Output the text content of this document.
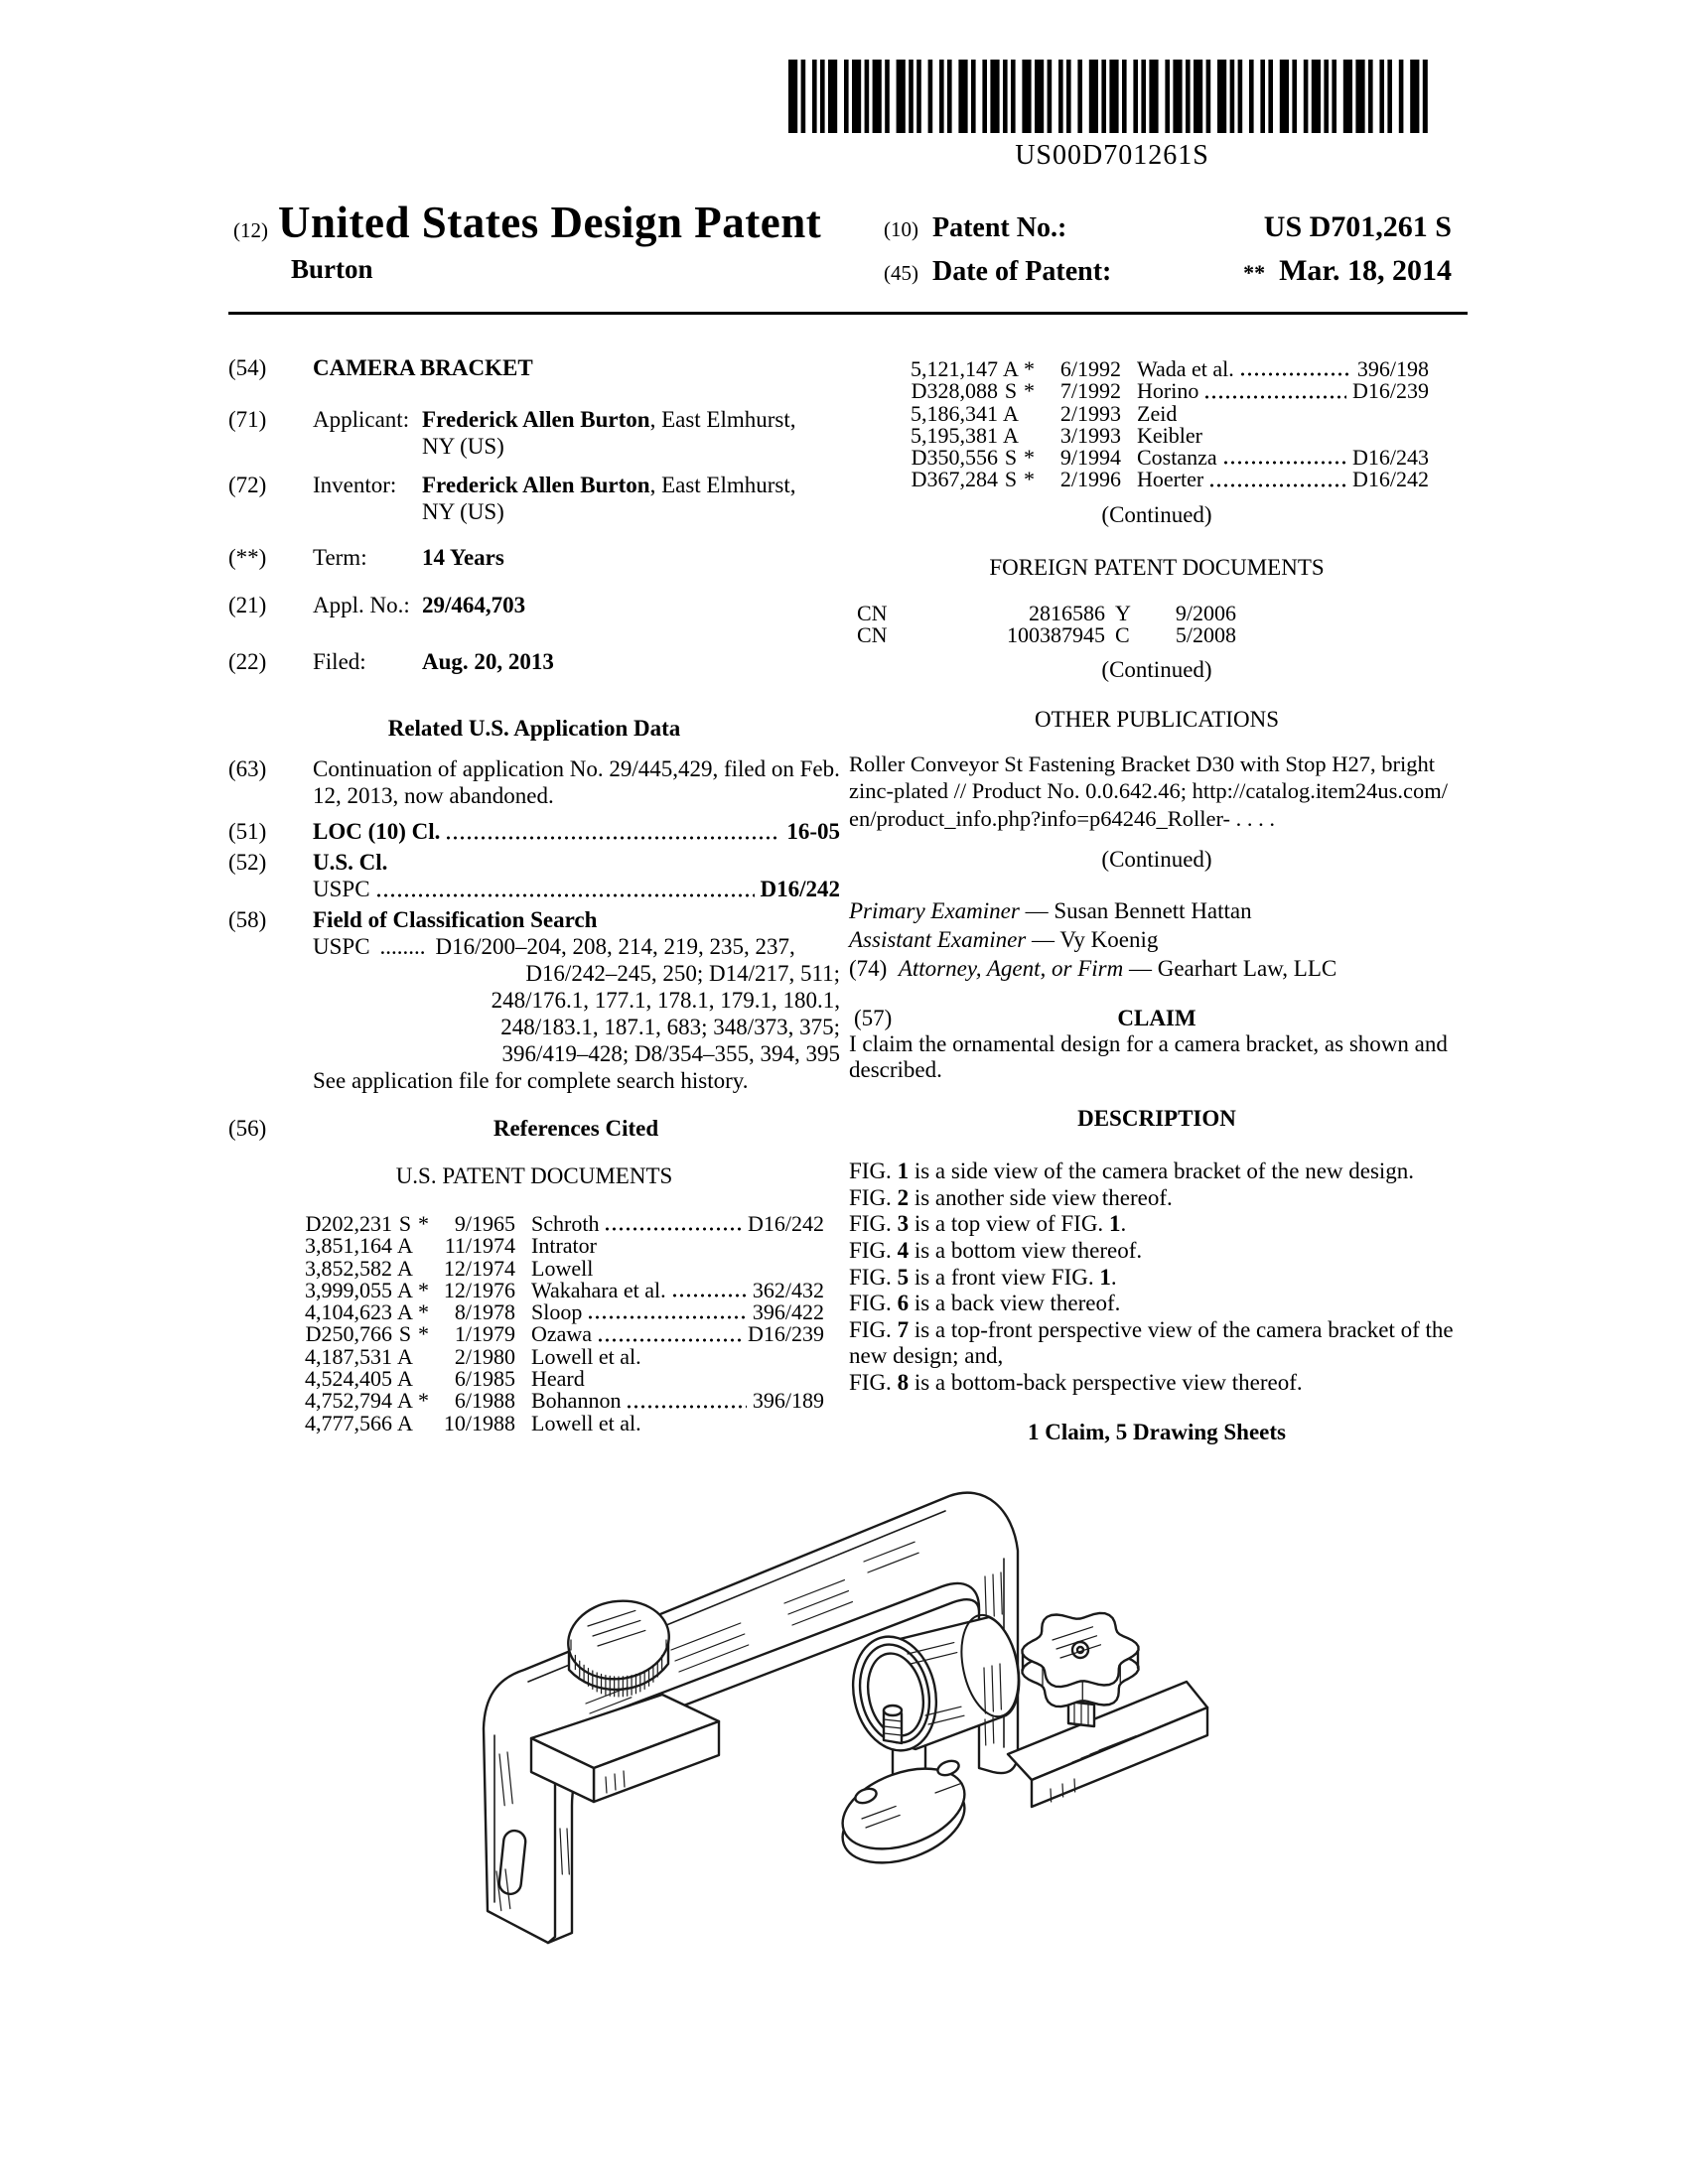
US00D701261S
(12) United States Design Patent
Burton
(10) Patent No.:	US D701,261 S
(45) Date of Patent:	** Mar. 18, 2014
(54) CAMERA BRACKET
(71) Applicant: Frederick Allen Burton, East Elmhurst,
NY (US)
(72) Inventor: Frederick Allen Burton, East Elmhurst,
NY (US)
(**) Term: 14 Years
(21) Appl. No.: 29/464,703
(22) Filed: Aug. 20, 2013
Related U.S. Application Data
(63) Continuation of application No. 29/445,429, filed on Feb. 12, 2013, now abandoned.
(51) LOC (10) Cl.	16-05
(52) U.S. Cl.
USPC	D16/242
(58) Field of Classification Search
USPC ........ D16/200–204, 208, 214, 219, 235, 237,
D16/242–245, 250; D14/217, 511;
248/176.1, 177.1, 178.1, 179.1, 180.1,
248/183.1, 187.1, 683; 348/373, 375;
396/419–428; D8/354–355, 394, 395
See application file for complete search history.
(56)	References Cited
U.S. PATENT DOCUMENTS
D202,231 S *	9/1965 Schroth	D16/242
3,851,164 A 11/1974 Intrator
3,852,582 A 12/1974 Lowell
3,999,055 A * 12/1976 Wakahara et al.	362/432
4,104,623 A *	8/1978 Sloop	396/422
D250,766 S *	1/1979 Ozawa	D16/239
4,187,531 A	2/1980 Lowell et al.
4,524,405 A	6/1985 Heard
4,752,794 A *	6/1988 Bohannon	396/189
4,777,566 A 10/1988 Lowell et al.
5,121,147 A *	6/1992 Wada et al.	396/198
D328,088 S *	7/1992 Horino	D16/239
5,186,341 A	2/1993 Zeid
5,195,381 A	3/1993 Keibler
D350,556 S *	9/1994 Costanza	D16/243
D367,284 S *	2/1996 Hoerter	D16/242
(Continued)
FOREIGN PATENT DOCUMENTS
CN	2816586 Y	9/2006
CN	100387945 C	5/2008
(Continued)
OTHER PUBLICATIONS
Roller Conveyor St Fastening Bracket D30 with Stop H27, bright
zinc-plated // Product No. 0.0.642.46; http://catalog.item24us.com/
en/product_info.php?info=p64246_Roller- . . . .
(Continued)
Primary Examiner — Susan Bennett Hattan
Assistant Examiner — Vy Koenig
(74) Attorney, Agent, or Firm — Gearhart Law, LLC
(57)	CLAIM
I claim the ornamental design for a camera bracket, as shown and described.
DESCRIPTION
FIG. 1 is a side view of the camera bracket of the new design.
FIG. 2 is another side view thereof.
FIG. 3 is a top view of FIG. 1.
FIG. 4 is a bottom view thereof.
FIG. 5 is a front view FIG. 1.
FIG. 6 is a back view thereof.
FIG. 7 is a top-front perspective view of the camera bracket of the new design; and,
FIG. 8 is a bottom-back perspective view thereof.
1 Claim, 5 Drawing Sheets
